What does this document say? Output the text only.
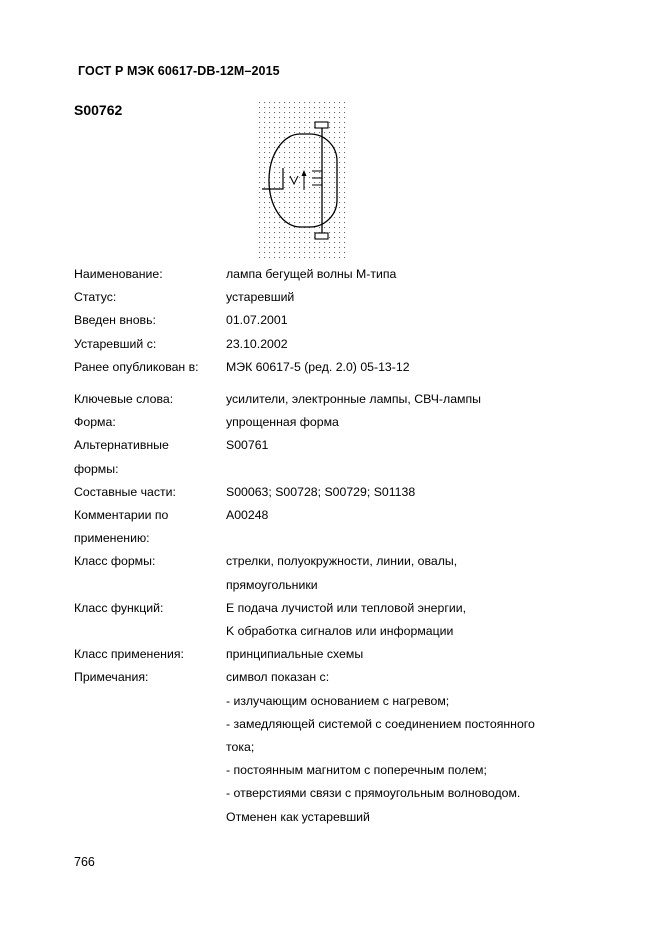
ГОСТ Р МЭК 60617-DB-12M–2015
S00762
Наименование:	лампа бегущей волны М-типа
Статус:	устаревший
Введен вновь:	01.07.2001
Устаревший с:	23.10.2002
Ранее опубликован в:	МЭК 60617-5 (ред. 2.0) 05-13-12
Ключевые слова:	усилители, электронные лампы, СВЧ-лампы
Форма:	упрощенная форма
Альтернативные	S00761
формы:
Составные части:	S00063; S00728; S00729; S01138
Комментарии по	A00248
применению:
Класс формы:	стрелки, полуокружности, линии, овалы,
прямоугольники
Класс функций:	E подача лучистой или тепловой энергии,
K обработка сигналов или информации
Класс применения:	принципиальные схемы
Примечания:	символ показан с:
- излучающим основанием с нагревом;
- замедляющей системой с соединением постоянного
тока;
- постоянным магнитом с поперечным полем;
- отверстиями связи с прямоугольным волноводом.
Отменен как устаревший
766
